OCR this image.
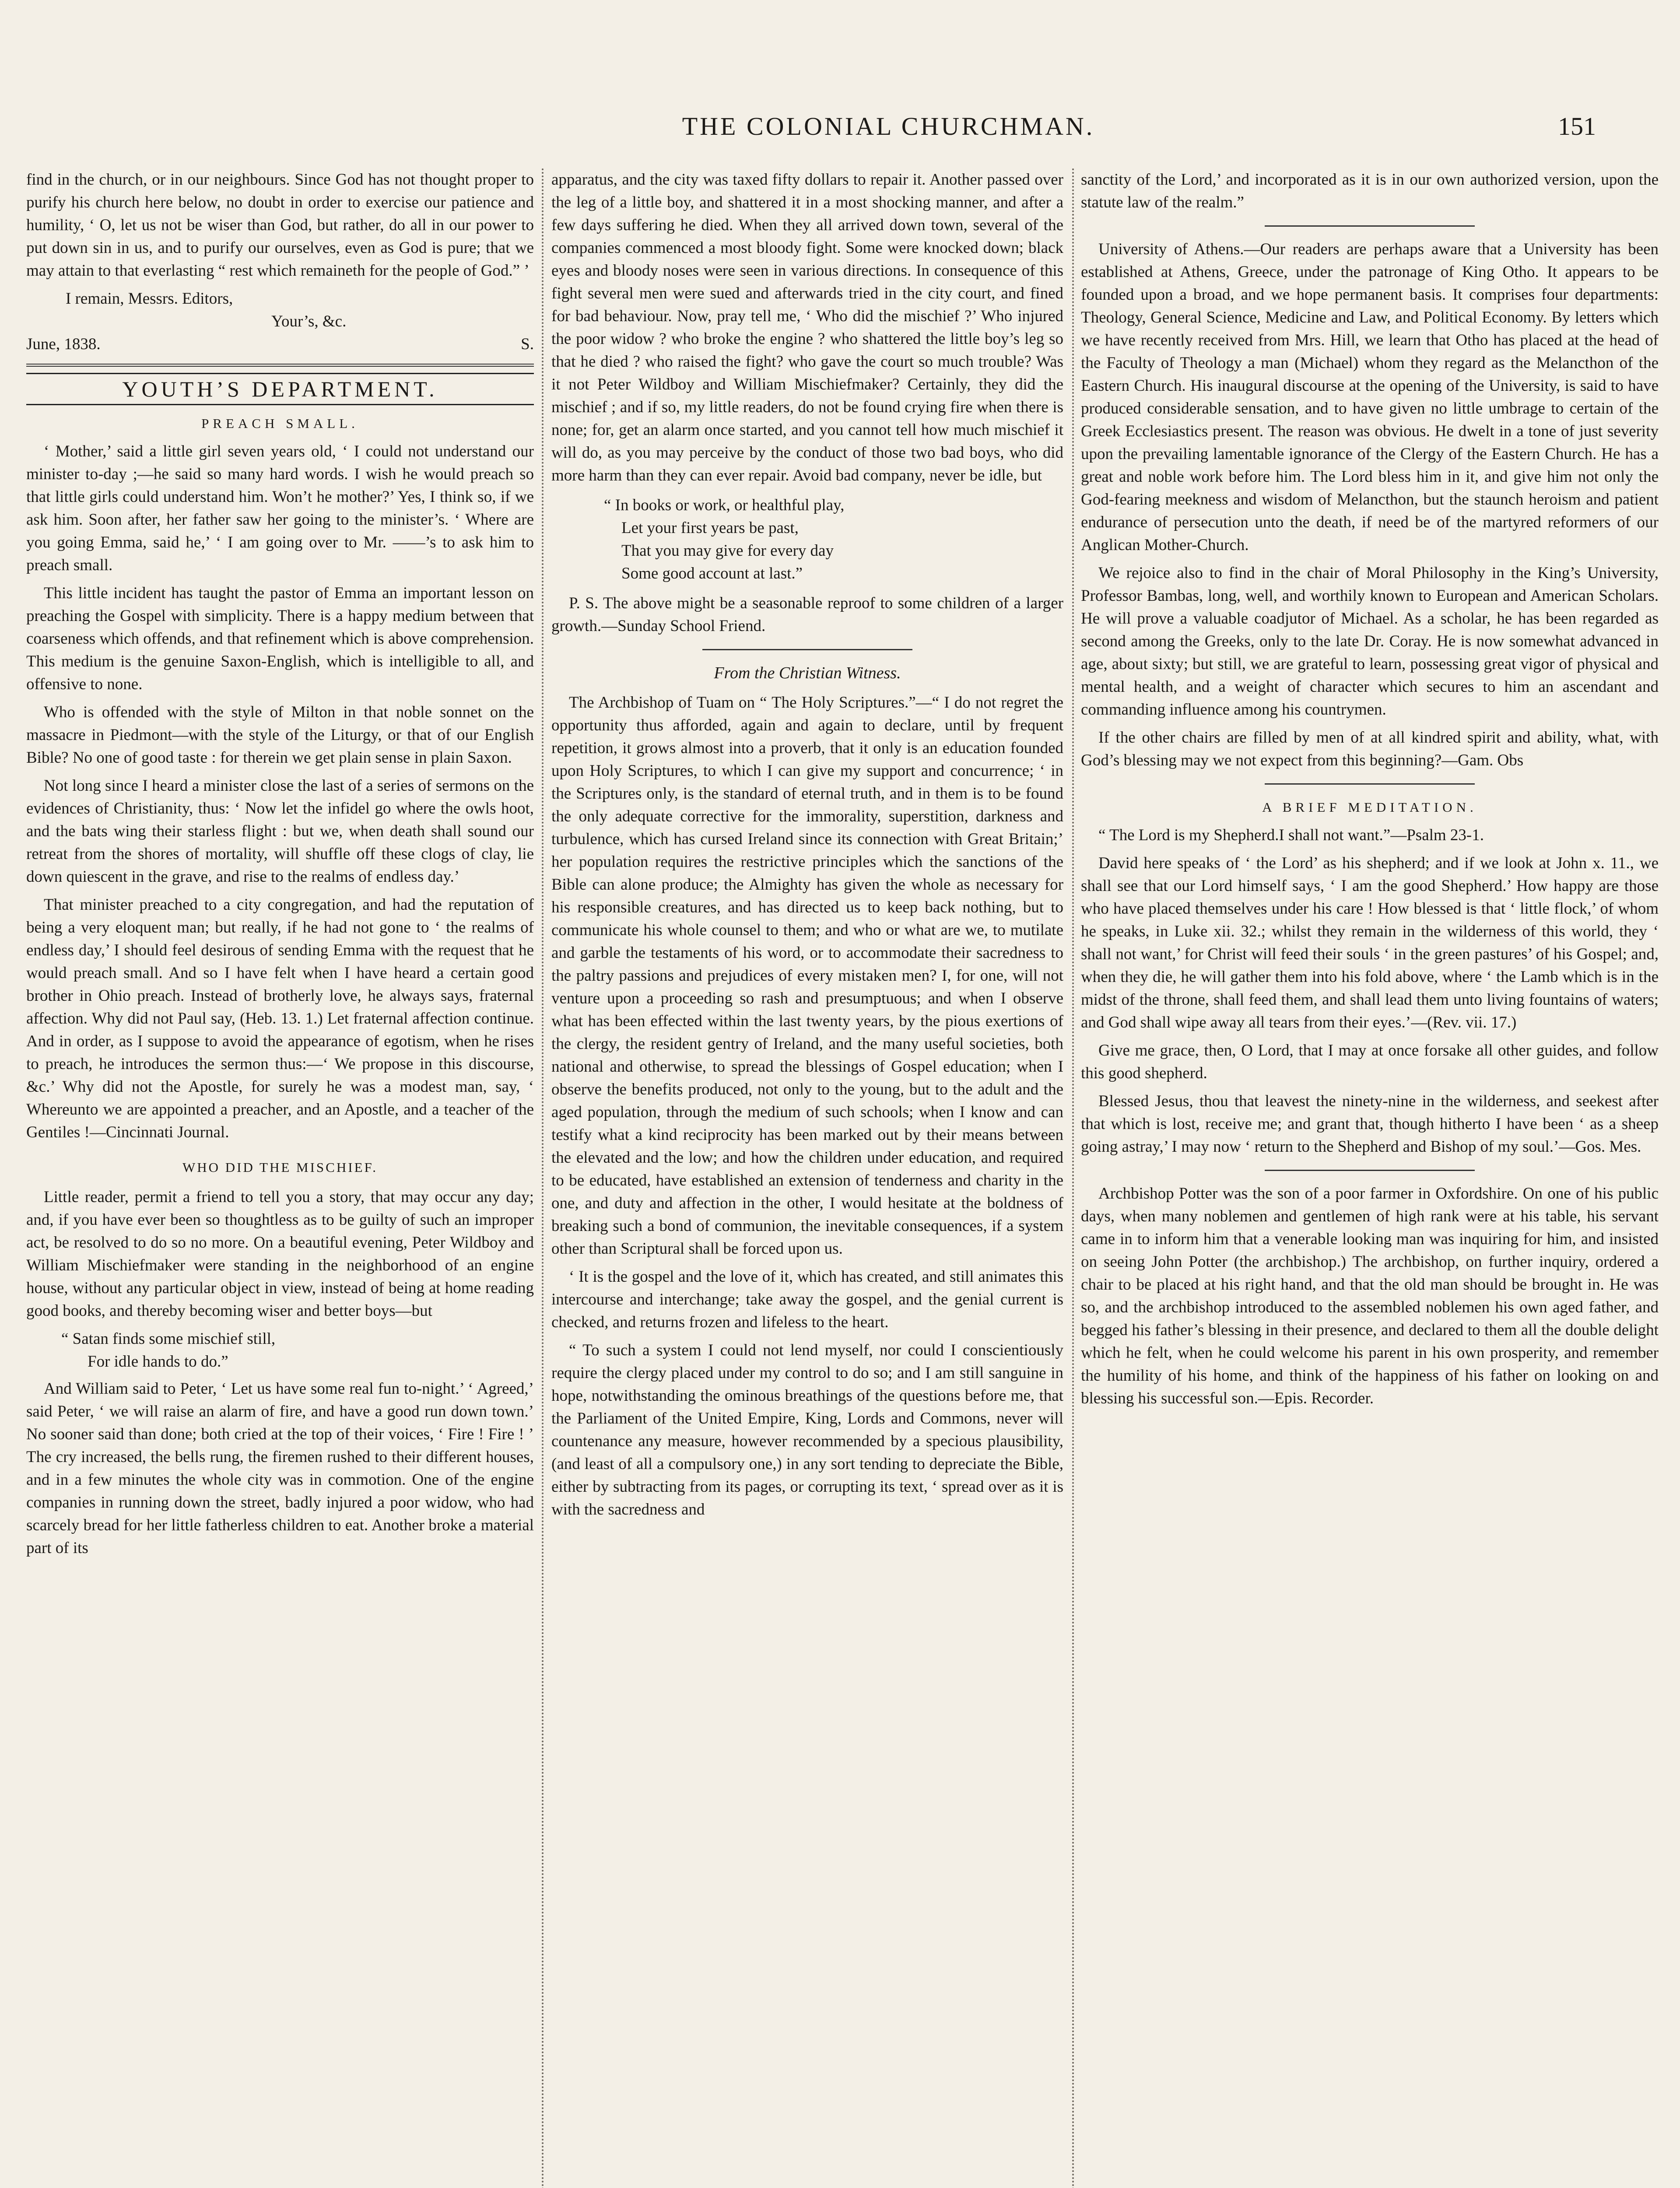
THE COLONIAL CHURCHMAN.	151

find in the church, or in our neighbours. Since God has not thought proper to purify his church here below, no doubt in order to exercise our patience and humility, ‘ O, let us not be wiser than God, but rather, do all in our power to put down sin in us, and to purify our ourselves, even as God is pure; that we may attain to that everlasting “ rest which remaineth for the people of God.” ’

I remain, Messrs. Editors,
Your’s, &c.
June, 1838.	S.
YOUTH’S DEPARTMENT.
PREACH SMALL.

‘ Mother,’ said a little girl seven years old, ‘ I could not understand our minister to-day ;—he said so many hard words. I wish he would preach so that little girls could understand him. Won’t he mother?’ Yes, I think so, if we ask him. Soon after, her father saw her going to the minister’s. ‘ Where are you going Emma, said he,’ ‘ I am going over to Mr. ——’s to ask him to preach small.

This little incident has taught the pastor of Emma an important lesson on preaching the Gospel with simplicity. There is a happy medium between that coarseness which offends, and that refinement which is above comprehension. This medium is the genuine Saxon-English, which is intelligible to all, and offensive to none.

Who is offended with the style of Milton in that noble sonnet on the massacre in Piedmont—with the style of the Liturgy, or that of our English Bible? No one of good taste : for therein we get plain sense in plain Saxon.

Not long since I heard a minister close the last of a series of sermons on the evidences of Christianity, thus: ‘ Now let the infidel go where the owls hoot, and the bats wing their starless flight : but we, when death shall sound our retreat from the shores of mortality, will shuffle off these clogs of clay, lie down quiescent in the grave, and rise to the realms of endless day.’

That minister preached to a city congregation, and had the reputation of being a very eloquent man; but really, if he had not gone to ‘ the realms of endless day,’ I should feel desirous of sending Emma with the request that he would preach small. And so I have felt when I have heard a certain good brother in Ohio preach. Instead of brotherly love, he always says, fraternal affection. Why did not Paul say, (Heb. 13. 1.) Let fraternal affection continue. And in order, as I suppose to avoid the appearance of egotism, when he rises to preach, he introduces the sermon thus:—‘ We propose in this discourse, &c.’ Why did not the Apostle, for surely he was a modest man, say, ‘ Whereunto we are appointed a preacher, and an Apostle, and a teacher of the Gentiles !—Cincinnati Journal.

WHO DID THE MISCHIEF.

Little reader, permit a friend to tell you a story, that may occur any day; and, if you have ever been so thoughtless as to be guilty of such an improper act, be resolved to do so no more. On a beautiful evening, Peter Wildboy and William Mischiefmaker were standing in the neighborhood of an engine house, without any particular object in view, instead of being at home reading good books, and thereby becoming wiser and better boys—but

“ Satan finds some mischief still,
For idle hands to do.”

And William said to Peter, ‘ Let us have some real fun to-night.’ ‘ Agreed,’ said Peter, ‘ we will raise an alarm of fire, and have a good run down town.’ No sooner said than done; both cried at the top of their voices, ‘ Fire ! Fire ! ’ The cry increased, the bells rung, the firemen rushed to their different houses, and in a few minutes the whole city was in commotion. One of the engine companies in running down the street, badly injured a poor widow, who had scarcely bread for her little fatherless children to eat. Another broke a material part of its

apparatus, and the city was taxed fifty dollars to repair it. Another passed over the leg of a little boy, and shattered it in a most shocking manner, and after a few days suffering he died. When they all arrived down town, several of the companies commenced a most bloody fight. Some were knocked down; black eyes and bloody noses were seen in various directions. In consequence of this fight several men were sued and afterwards tried in the city court, and fined for bad behaviour. Now, pray tell me, ‘ Who did the mischief ?’ Who injured the poor widow ? who broke the engine ? who shattered the little boy’s leg so that he died ? who raised the fight? who gave the court so much trouble? Was it not Peter Wildboy and William Mischiefmaker? Certainly, they did the mischief ; and if so, my little readers, do not be found crying fire when there is none; for, get an alarm once started, and you cannot tell how much mischief it will do, as you may perceive by the conduct of those two bad boys, who did more harm than they can ever repair. Avoid bad company, never be idle, but

“ In books or work, or healthful play,
Let your first years be past,
That you may give for every day
Some good account at last.”

P. S. The above might be a seasonable reproof to some children of a larger growth.—Sunday School Friend.

From the Christian Witness.

The Archbishop of Tuam on “ The Holy Scriptures.”—“ I do not regret the opportunity thus afforded, again and again to declare, until by frequent repetition, it grows almost into a proverb, that it only is an education founded upon Holy Scriptures, to which I can give my support and concurrence; ‘ in the Scriptures only, is the standard of eternal truth, and in them is to be found the only adequate corrective for the immorality, superstition, darkness and turbulence, which has cursed Ireland since its connection with Great Britain;’ her population requires the restrictive principles which the sanctions of the Bible can alone produce; the Almighty has given the whole as necessary for his responsible creatures, and has directed us to keep back nothing, but to communicate his whole counsel to them; and who or what are we, to mutilate and garble the testaments of his word, or to accommodate their sacredness to the paltry passions and prejudices of every mistaken men? I, for one, will not venture upon a proceeding so rash and presumptuous; and when I observe what has been effected within the last twenty years, by the pious exertions of the clergy, the resident gentry of Ireland, and the many useful societies, both national and otherwise, to spread the blessings of Gospel education; when I observe the benefits produced, not only to the young, but to the adult and the aged population, through the medium of such schools; when I know and can testify what a kind reciprocity has been marked out by their means between the elevated and the low; and how the children under education, and required to be educated, have established an extension of tenderness and charity in the one, and duty and affection in the other, I would hesitate at the boldness of breaking such a bond of communion, the inevitable consequences, if a system other than Scriptural shall be forced upon us.

‘ It is the gospel and the love of it, which has created, and still animates this intercourse and interchange; take away the gospel, and the genial current is checked, and returns frozen and lifeless to the heart.

“ To such a system I could not lend myself, nor could I conscientiously require the clergy placed under my control to do so; and I am still sanguine in hope, notwithstanding the ominous breathings of the questions before me, that the Parliament of the United Empire, King, Lords and Commons, never will countenance any measure, however recommended by a specious plausibility, (and least of all a compulsory one,) in any sort tending to depreciate the Bible, either by subtracting from its pages, or corrupting its text, ‘ spread over as it is with the sacredness and

sanctity of the Lord,’ and incorporated as it is in our own authorized version, upon the statute law of the realm.”

University of Athens.—Our readers are perhaps aware that a University has been established at Athens, Greece, under the patronage of King Otho. It appears to be founded upon a broad, and we hope permanent basis. It comprises four departments: Theology, General Science, Medicine and Law, and Political Economy. By letters which we have recently received from Mrs. Hill, we learn that Otho has placed at the head of the Faculty of Theology a man (Michael) whom they regard as the Melancthon of the Eastern Church. His inaugural discourse at the opening of the University, is said to have produced considerable sensation, and to have given no little umbrage to certain of the Greek Ecclesiastics present. The reason was obvious. He dwelt in a tone of just severity upon the prevailing lamentable ignorance of the Clergy of the Eastern Church. He has a great and noble work before him. The Lord bless him in it, and give him not only the God-fearing meekness and wisdom of Melancthon, but the staunch heroism and patient endurance of persecution unto the death, if need be of the martyred reformers of our Anglican Mother-Church.

We rejoice also to find in the chair of Moral Philosophy in the King’s University, Professor Bambas, long, well, and worthily known to European and American Scholars. He will prove a valuable coadjutor of Michael. As a scholar, he has been regarded as second among the Greeks, only to the late Dr. Coray. He is now somewhat advanced in age, about sixty; but still, we are grateful to learn, possessing great vigor of physical and mental health, and a weight of character which secures to him an ascendant and commanding influence among his countrymen.

If the other chairs are filled by men of at all kindred spirit and ability, what, with God’s blessing may we not expect from this beginning?—Gam. Obs

A BRIEF MEDITATION.

“ The Lord is my Shepherd.I shall not want.”—Psalm 23-1.

David here speaks of ‘ the Lord’ as his shepherd; and if we look at John x. 11., we shall see that our Lord himself says, ‘ I am the good Shepherd.’ How happy are those who have placed themselves under his care ! How blessed is that ‘ little flock,’ of whom he speaks, in Luke xii. 32.; whilst they remain in the wilderness of this world, they ‘ shall not want,’ for Christ will feed their souls ‘ in the green pastures’ of his Gospel; and, when they die, he will gather them into his fold above, where ‘ the Lamb which is in the midst of the throne, shall feed them, and shall lead them unto living fountains of waters; and God shall wipe away all tears from their eyes.’—(Rev. vii. 17.)

Give me grace, then, O Lord, that I may at once forsake all other guides, and follow this good shepherd.

Blessed Jesus, thou that leavest the ninety-nine in the wilderness, and seekest after that which is lost, receive me; and grant that, though hitherto I have been ‘ as a sheep going astray,’ I may now ‘ return to the Shepherd and Bishop of my soul.’—Gos. Mes.

Archbishop Potter was the son of a poor farmer in Oxfordshire. On one of his public days, when many noblemen and gentlemen of high rank were at his table, his servant came in to inform him that a venerable looking man was inquiring for him, and insisted on seeing John Potter (the archbishop.) The archbishop, on further inquiry, ordered a chair to be placed at his right hand, and that the old man should be brought in. He was so, and the archbishop introduced to the assembled noblemen his own aged father, and begged his father’s blessing in their presence, and declared to them all the double delight which he felt, when he could welcome his parent in his own prosperity, and remember the humility of his home, and think of the happiness of his father on looking on and blessing his successful son.—Epis. Recorder.
